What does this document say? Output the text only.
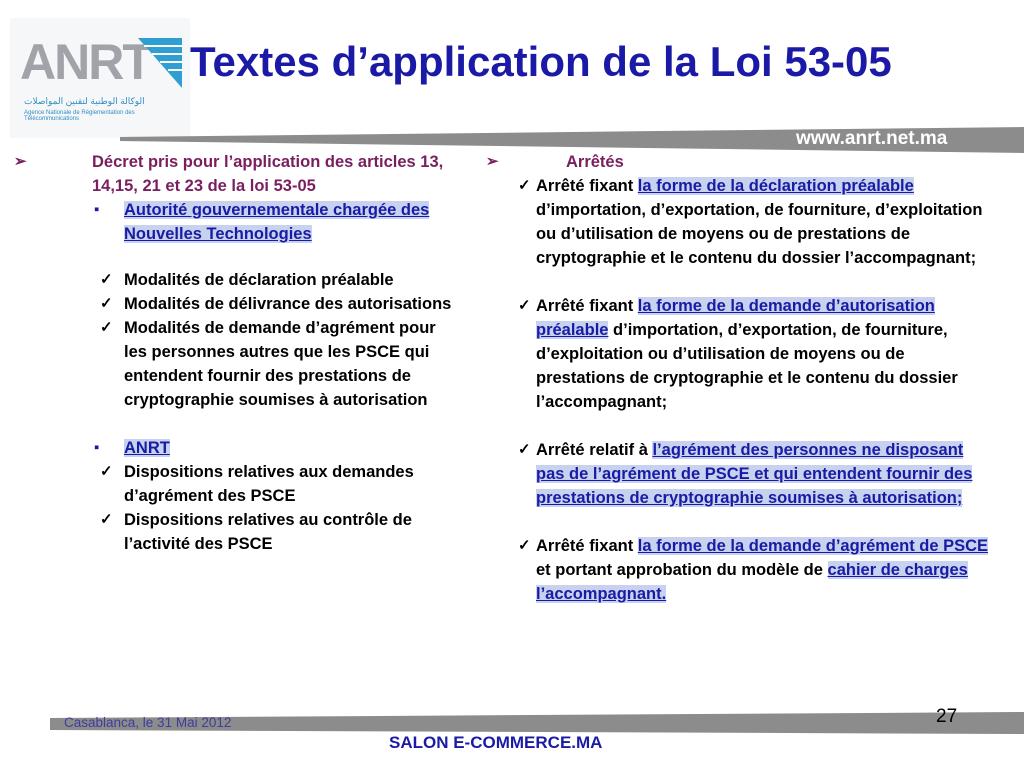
ANRT
الوكالة الوطنية لتقنين المواصلات
Agence Nationale de Réglementation des Télécommunications
Textes d’application de la Loi 53-05
www.anrt.net.ma
➢	Décret pris pour l’application des articles 13, 14,15, 21 et 23 de la loi 53-05
▪ Autorité gouvernementale chargée des Nouvelles Technologies
✓ Modalités de déclaration préalable
✓ Modalités de délivrance des autorisations
✓ Modalités de demande d’agrément pour les personnes autres que les PSCE qui entendent fournir des prestations de cryptographie soumises à autorisation
▪ ANRT
✓ Dispositions relatives aux demandes d’agrément des PSCE
✓ Dispositions relatives au contrôle de l’activité des PSCE
➢	Arrêtés
✓ Arrêté fixant la forme de la déclaration préalable d’importation, d’exportation, de fourniture, d’exploitation ou d’utilisation de moyens ou de prestations de cryptographie et le contenu du dossier l’accompagnant;
✓ Arrêté fixant la forme de la demande d’autorisation préalable d’importation, d’exportation, de fourniture, d’exploitation ou d’utilisation de moyens ou de prestations de cryptographie et le contenu du dossier l’accompagnant;
✓ Arrêté relatif à l’agrément des personnes ne disposant pas de l’agrément de PSCE et qui entendent fournir des prestations de cryptographie soumises à autorisation;
✓ Arrêté fixant la forme de la demande d’agrément de PSCE et portant approbation du modèle de cahier de charges l’accompagnant.
Casablanca, le 31 Mai 2012	27
SALON E-COMMERCE.MA
